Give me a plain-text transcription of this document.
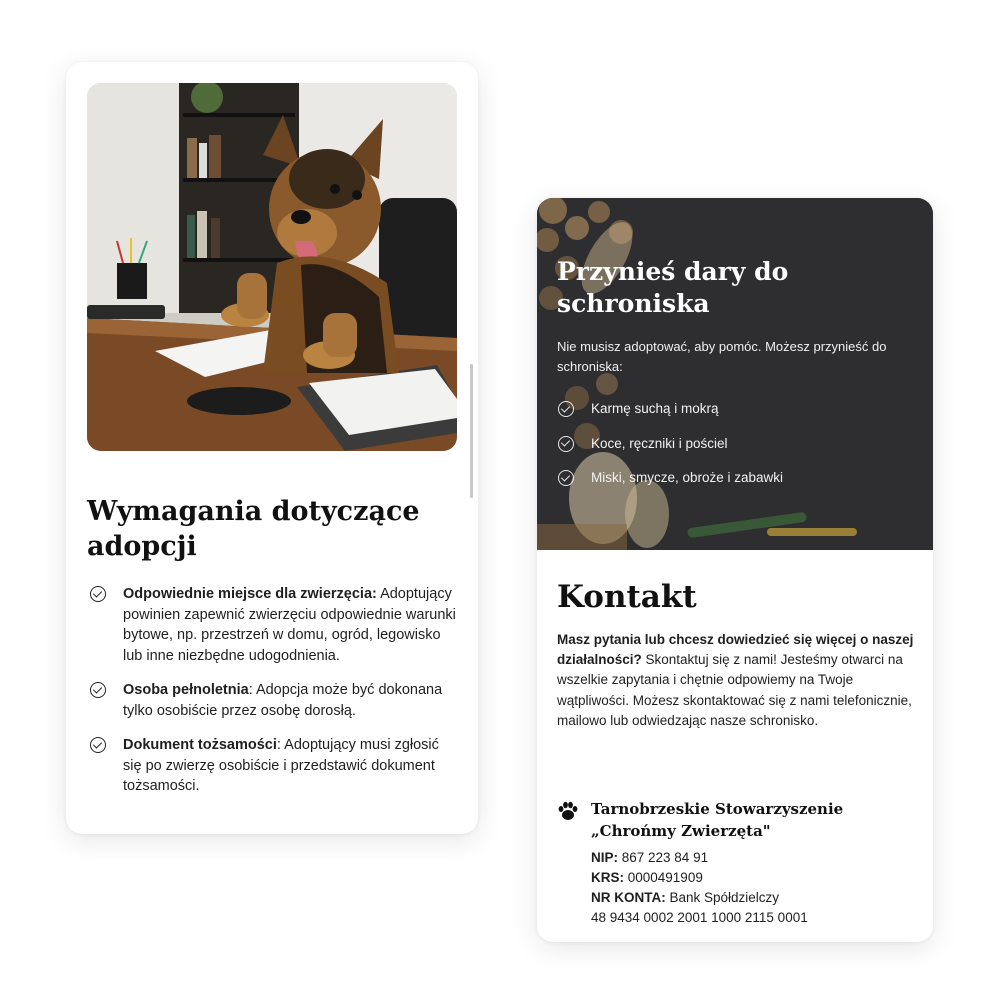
Wymagania dotyczące adopcji
Odpowiednie miejsce dla zwierzęcia: Adoptujący powinien zapewnić zwierzęciu odpowiednie warunki bytowe, np. przestrzeń w domu, ogród, legowisko lub inne niezbędne udogodnienia.
Osoba pełnoletnia: Adopcja może być dokonana tylko osobiście przez osobę dorosłą.
Dokument tożsamości: Adoptujący musi zgłosić się po zwierzę osobiście i przedstawić dokument tożsamości.
Przynieś dary do schroniska
Nie musisz adoptować, aby pomóc. Możesz przynieść do schroniska:
Karmę suchą i mokrą
Koce, ręczniki i pościel
Miski, smycze, obroże i zabawki
Kontakt
Masz pytania lub chcesz dowiedzieć się więcej o naszej działalności? Skontaktuj się z nami! Jesteśmy otwarci na wszelkie zapytania i chętnie odpowiemy na Twoje wątpliwości. Możesz skontaktować się z nami telefonicznie, mailowo lub odwiedzając nasze schronisko.
Tarnobrzeskie Stowarzyszenie „Chrońmy Zwierzęta"
NIP: 867 223 84 91
KRS: 0000491909
NR KONTA: Bank Spółdzielczy
48 9434 0002 2001 1000 2115 0001
